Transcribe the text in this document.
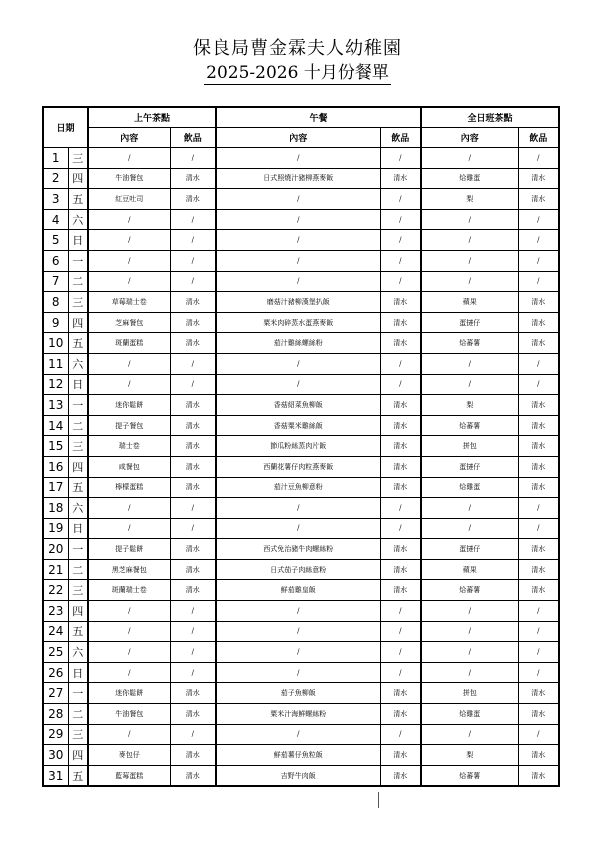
保良局曹金霖夫人幼稚園
2025-2026 十月份餐單
日期		上午茶點		午餐		全日班茶點	
		內容	飲品	內容	飲品	內容	飲品
1	三	/	/	/	/	/	/
2	四	牛油餐包	清水	日式照燒汁豬柳燕麥飯	清水	烚雞蛋	清水
3	五	紅豆吐司	清水	/	/	梨	清水
4	六	/	/	/	/	/	/
5	日	/	/	/	/	/	/
6	一	/	/	/	/	/	/
7	二	/	/	/	/	/	/
8	三	草莓瑞士卷	清水	磨菇汁豬柳漢堡扒飯	清水	蘋果	清水
9	四	芝麻餐包	清水	粟米肉碎蒸水蛋燕麥飯	清水	蛋撻仔	清水
10	五	斑蘭蛋糕	清水	茄汁雞絲螺絲粉	清水	烚蕃薯	清水
11	六	/	/	/	/	/	/
12	日	/	/	/	/	/	/
13	一	迷你鬆餅	清水	香菇紹菜魚柳飯	清水	梨	清水
14	二	提子餐包	清水	香菇粟米雞絲飯	清水	烚蕃薯	清水
15	三	瑞士卷	清水	節瓜粉絲蒸肉片飯	清水	拼包	清水
16	四	咸餐包	清水	西蘭花薯仔肉粒燕麥飯	清水	蛋撻仔	清水
17	五	檸檬蛋糕	清水	茄汁豆魚柳意粉	清水	烚雞蛋	清水
18	六	/	/	/	/	/	/
19	日	/	/	/	/	/	/
20	一	提子鬆餅	清水	西式免治豬牛肉螺絲粉	清水	蛋撻仔	清水
21	二	黑芝麻餐包	清水	日式茄子肉絲意粉	清水	蘋果	清水
22	三	斑蘭瑞士卷	清水	鮮茄雞皇飯	清水	烚蕃薯	清水
23	四	/	/	/	/	/	/
24	五	/	/	/	/	/	/
25	六	/	/	/	/	/	/
26	日	/	/	/	/	/	/
27	一	迷你鬆餅	清水	茄子魚柳飯	清水	拼包	清水
28	二	牛油餐包	清水	粟米汁海鮮螺絲粉	清水	烚雞蛋	清水
29	三	/	/	/	/	/	/
30	四	麥包仔	清水	鮮茄薯仔魚粒飯	清水	梨	清水
31	五	藍莓蛋糕	清水	吉野牛肉飯	清水	烚蕃薯	清水
